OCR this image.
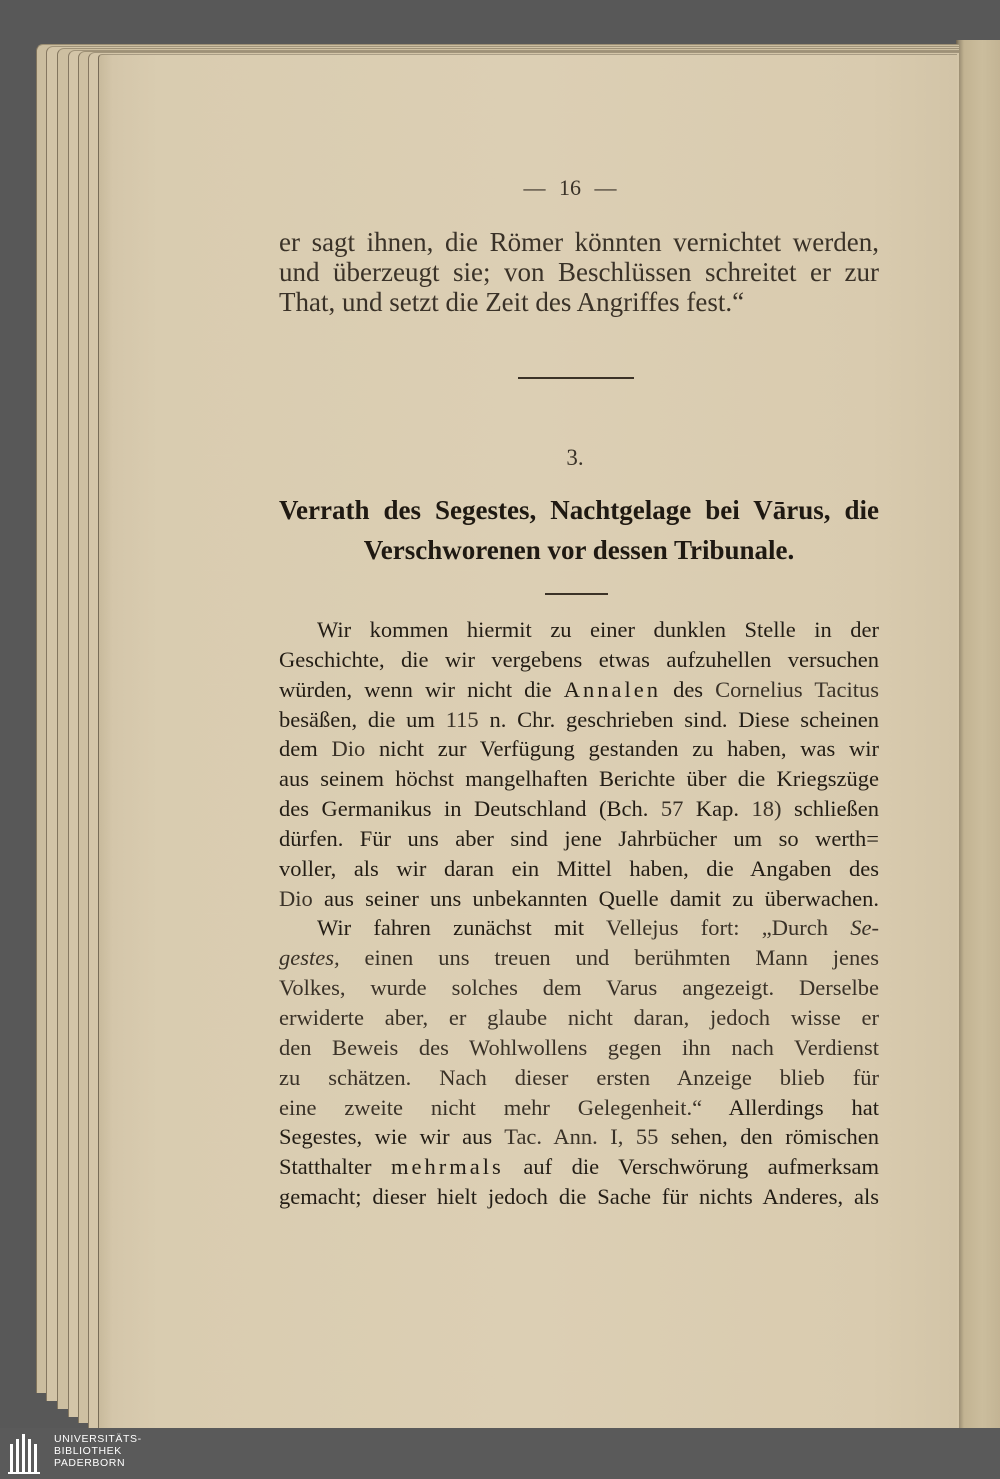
— 16 —
er sagt ihnen, die Römer könnten vernichtet werden,
und überzeugt sie; von Beschlüssen schreitet er zur
That, und setzt die Zeit des Angriffes fest.“
3.
Verrath des Segestes, Nachtgelage bei Vārus, die
Verschworenen vor dessen Tribunale.
Wir kommen hiermit zu einer dunklen Stelle in der
Geschichte, die wir vergebens etwas aufzuhellen versuchen
würden, wenn wir nicht die Annalen des Cornelius Tacitus
besäßen, die um 115 n. Chr. geschrieben sind. Diese scheinen
dem Dio nicht zur Verfügung gestanden zu haben, was wir
aus seinem höchst mangelhaften Berichte über die Kriegszüge
des Germanikus in Deutschland (Bch. 57 Kap. 18) schließen
dürfen. Für uns aber sind jene Jahrbücher um so werth=
voller, als wir daran ein Mittel haben, die Angaben des
Dio aus seiner uns unbekannten Quelle damit zu überwachen.
Wir fahren zunächst mit Vellejus fort: „Durch Se-
gestes, einen uns treuen und berühmten Mann jenes
Volkes, wurde solches dem Varus angezeigt. Derselbe
erwiderte aber, er glaube nicht daran, jedoch wisse er
den Beweis des Wohlwollens gegen ihn nach Verdienst
zu schätzen. Nach dieser ersten Anzeige blieb für
eine zweite nicht mehr Gelegenheit.“ Allerdings hat
Segestes, wie wir aus Tac. Ann. I, 55 sehen, den römischen
Statthalter mehrmals auf die Verschwörung aufmerksam
gemacht; dieser hielt jedoch die Sache für nichts Anderes, als
UNIVERSITÄTS-
BIBLIOTHEK
PADERBORN
